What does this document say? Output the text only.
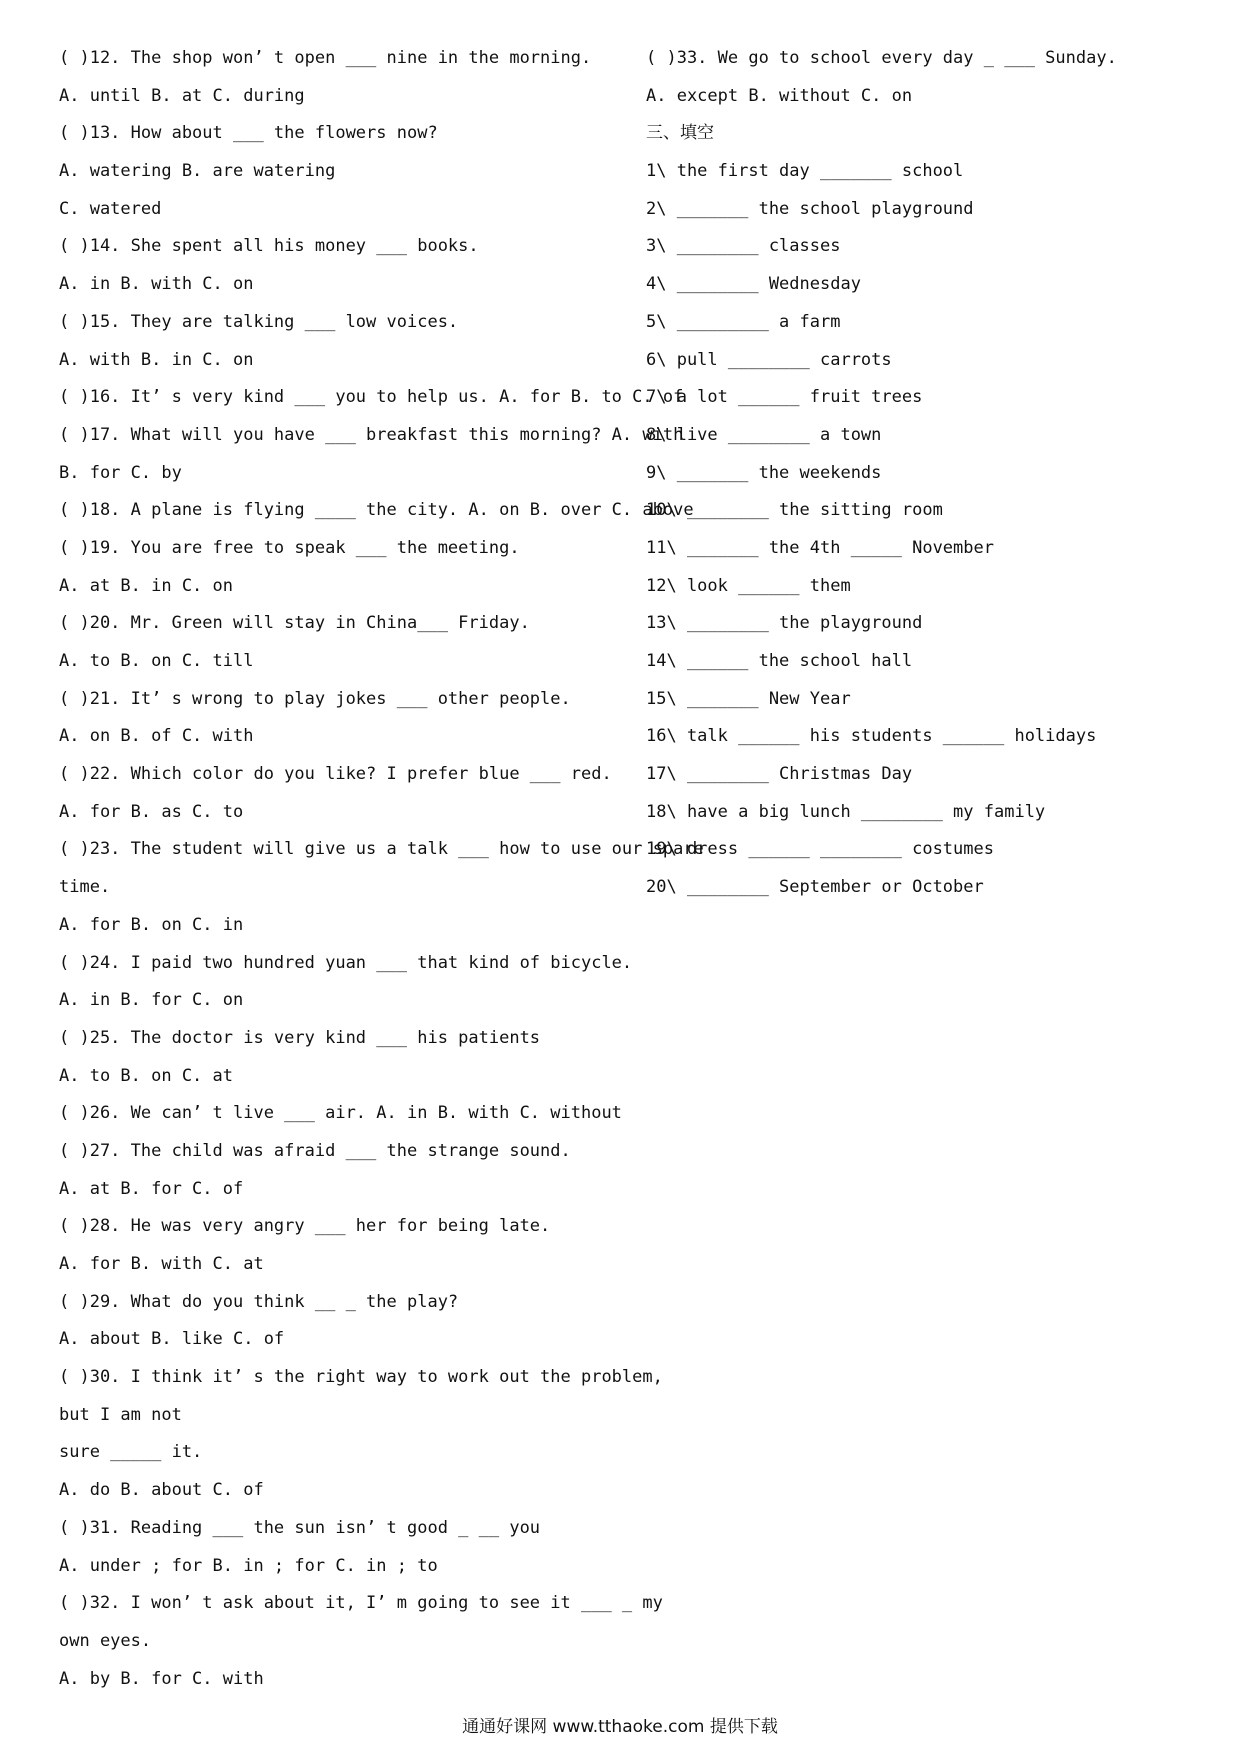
( )12. The shop won’ t open ___ nine in the morning.
A. until B. at C. during
( )13. How about ___ the flowers now?
A. watering B. are watering
C. watered
( )14. She spent all his money ___ books.
A. in B. with C. on
( )15. They are talking ___ low voices.
A. with B. in C. on
( )16. It’ s very kind ___ you to help us. A. for B. to C. of
( )17. What will you have ___ breakfast this morning? A. with
B. for C. by
( )18. A plane is flying ____ the city. A. on B. over C. above
( )19. You are free to speak ___ the meeting.
A. at B. in C. on
( )20. Mr. Green will stay in China___ Friday.
A. to B. on C. till
( )21. It’ s wrong to play jokes ___ other people.
A. on B. of C. with
( )22. Which color do you like? I prefer blue ___ red.
A. for B. as C. to
( )23. The student will give us a talk ___ how to use our spare
time.
A. for B. on C. in
( )24. I paid two hundred yuan ___ that kind of bicycle.
A. in B. for C. on
( )25. The doctor is very kind ___ his patients
A. to B. on C. at
( )26. We can’ t live ___ air. A. in B. with C. without
( )27. The child was afraid ___ the strange sound.
A. at B. for C. of
( )28. He was very angry ___ her for being late.
A. for B. with C. at
( )29. What do you think __ _ the play?
A. about B. like C. of
( )30. I think it’ s the right way to work out the problem,
but I am not
sure _____ it.
A. do B. about C. of
( )31. Reading ___ the sun isn’ t good _ __ you
A. under ; for B. in ; for C. in ; to
( )32. I won’ t ask about it, I’ m going to see it ___ _ my
own eyes.
A. by B. for C. with
( )33. We go to school every day _ ___ Sunday.
A. except B. without C. on
三、填空
1\ the first day _______ school
2\ _______ the school playground
3\ ________ classes
4\ ________ Wednesday
5\ _________ a farm
6\ pull ________ carrots
7\ a lot ______ fruit trees
8\ live ________ a town
9\ _______ the weekends
10\ ________ the sitting room
11\ _______ the 4th _____ November
12\ look ______ them
13\ ________ the playground
14\ ______ the school hall
15\ _______ New Year
16\ talk ______ his students ______ holidays
17\ ________ Christmas Day
18\ have a big lunch ________ my family
19\ dress ______ ________ costumes
20\ ________ September or October
通通好课网 www.tthaoke.com 提供下载
